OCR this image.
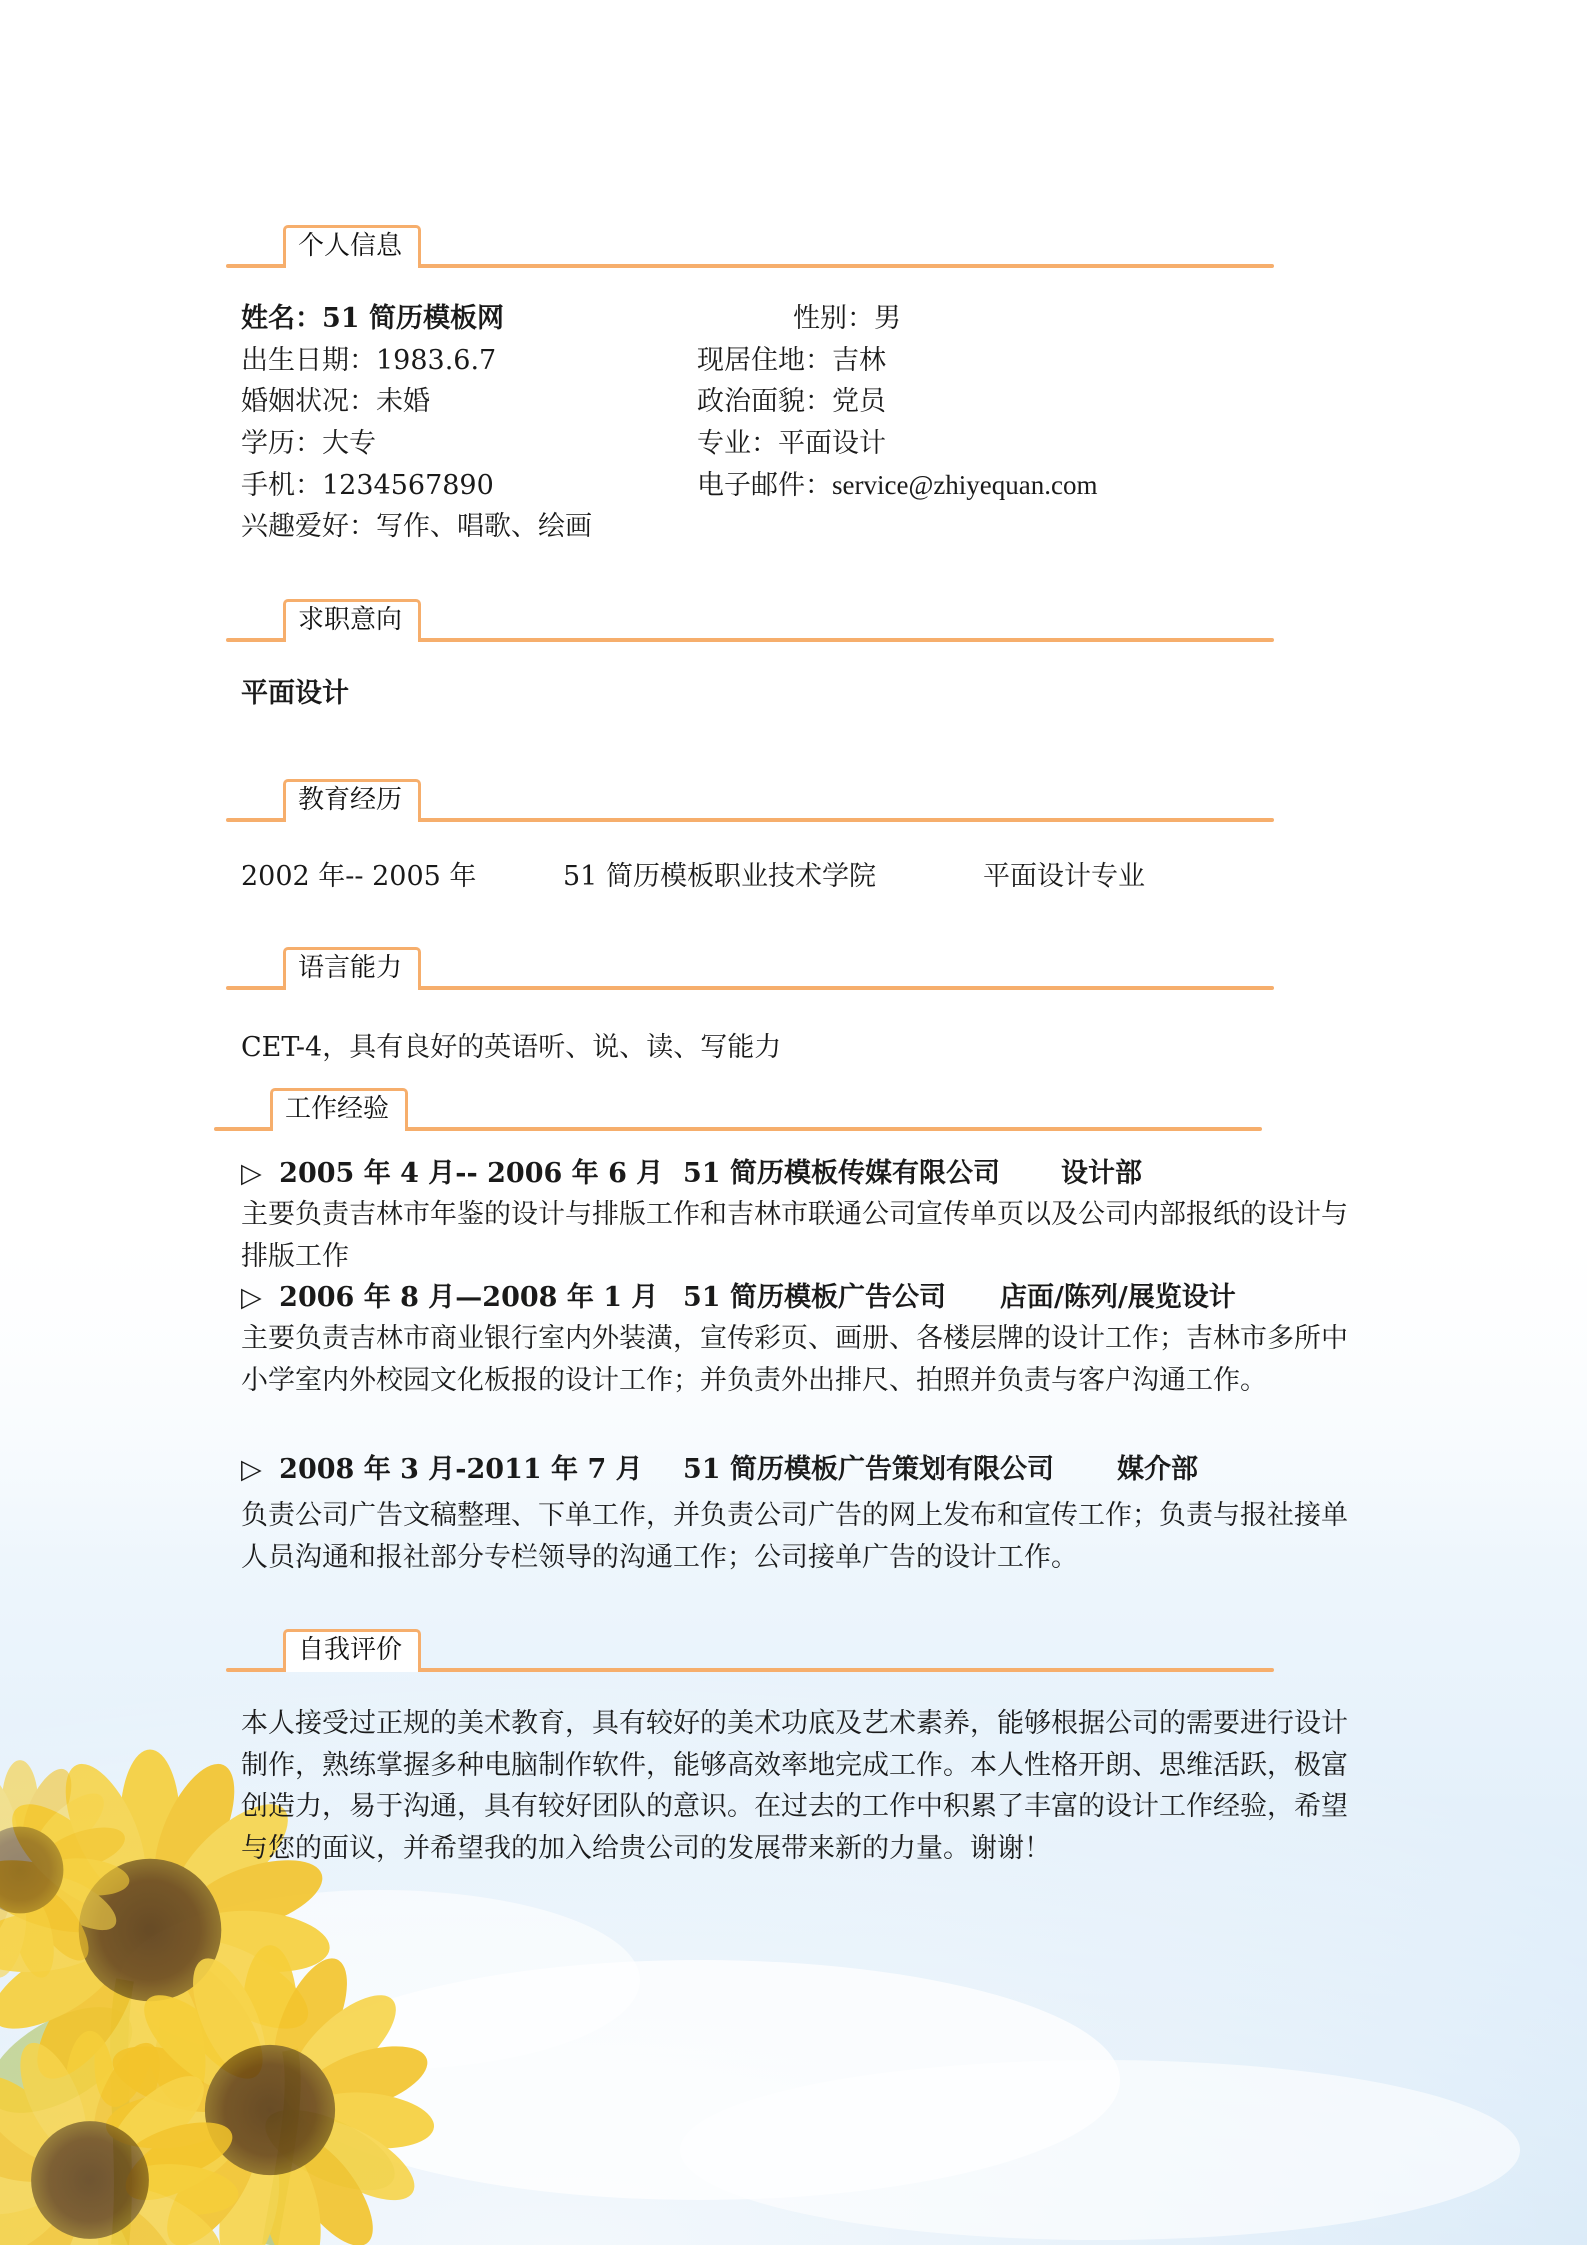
个人信息
姓名：51 简历模板网	性别：男
出生日期：1983.6.7	现居住地：吉林
婚姻状况：未婚	政治面貌：党员
学历：大专	专业：平面设计
手机：1234567890	电子邮件：service@zhiyequan.com
兴趣爱好：写作、唱歌、绘画
求职意向
平面设计
教育经历
2002 年-- 2005 年	51 简历模板职业技术学院	平面设计专业
语言能力
CET-4，具有良好的英语听、说、读、写能力
工作经验
▷ 2005 年 4 月-- 2006 年 6 月 51 简历模板传媒有限公司 设计部
主要负责吉林市年鉴的设计与排版工作和吉林市联通公司宣传单页以及公司内部报纸的设计与排版工作
▷ 2006 年 8 月—2008 年 1 月 51 简历模板广告公司 店面/陈列/展览设计
主要负责吉林市商业银行室内外装潢，宣传彩页、画册、各楼层牌的设计工作；吉林市多所中小学室内外校园文化板报的设计工作；并负责外出排尺、拍照并负责与客户沟通工作。
▷ 2008 年 3 月-2011 年 7 月 51 简历模板广告策划有限公司 媒介部
负责公司广告文稿整理、下单工作，并负责公司广告的网上发布和宣传工作；负责与报社接单人员沟通和报社部分专栏领导的沟通工作；公司接单广告的设计工作。
自我评价
本人接受过正规的美术教育，具有较好的美术功底及艺术素养，能够根据公司的需要进行设计制作，熟练掌握多种电脑制作软件，能够高效率地完成工作。本人性格开朗、思维活跃，极富创造力，易于沟通，具有较好团队的意识。在过去的工作中积累了丰富的设计工作经验，希望与您的面议，并希望我的加入给贵公司的发展带来新的力量。谢谢！
